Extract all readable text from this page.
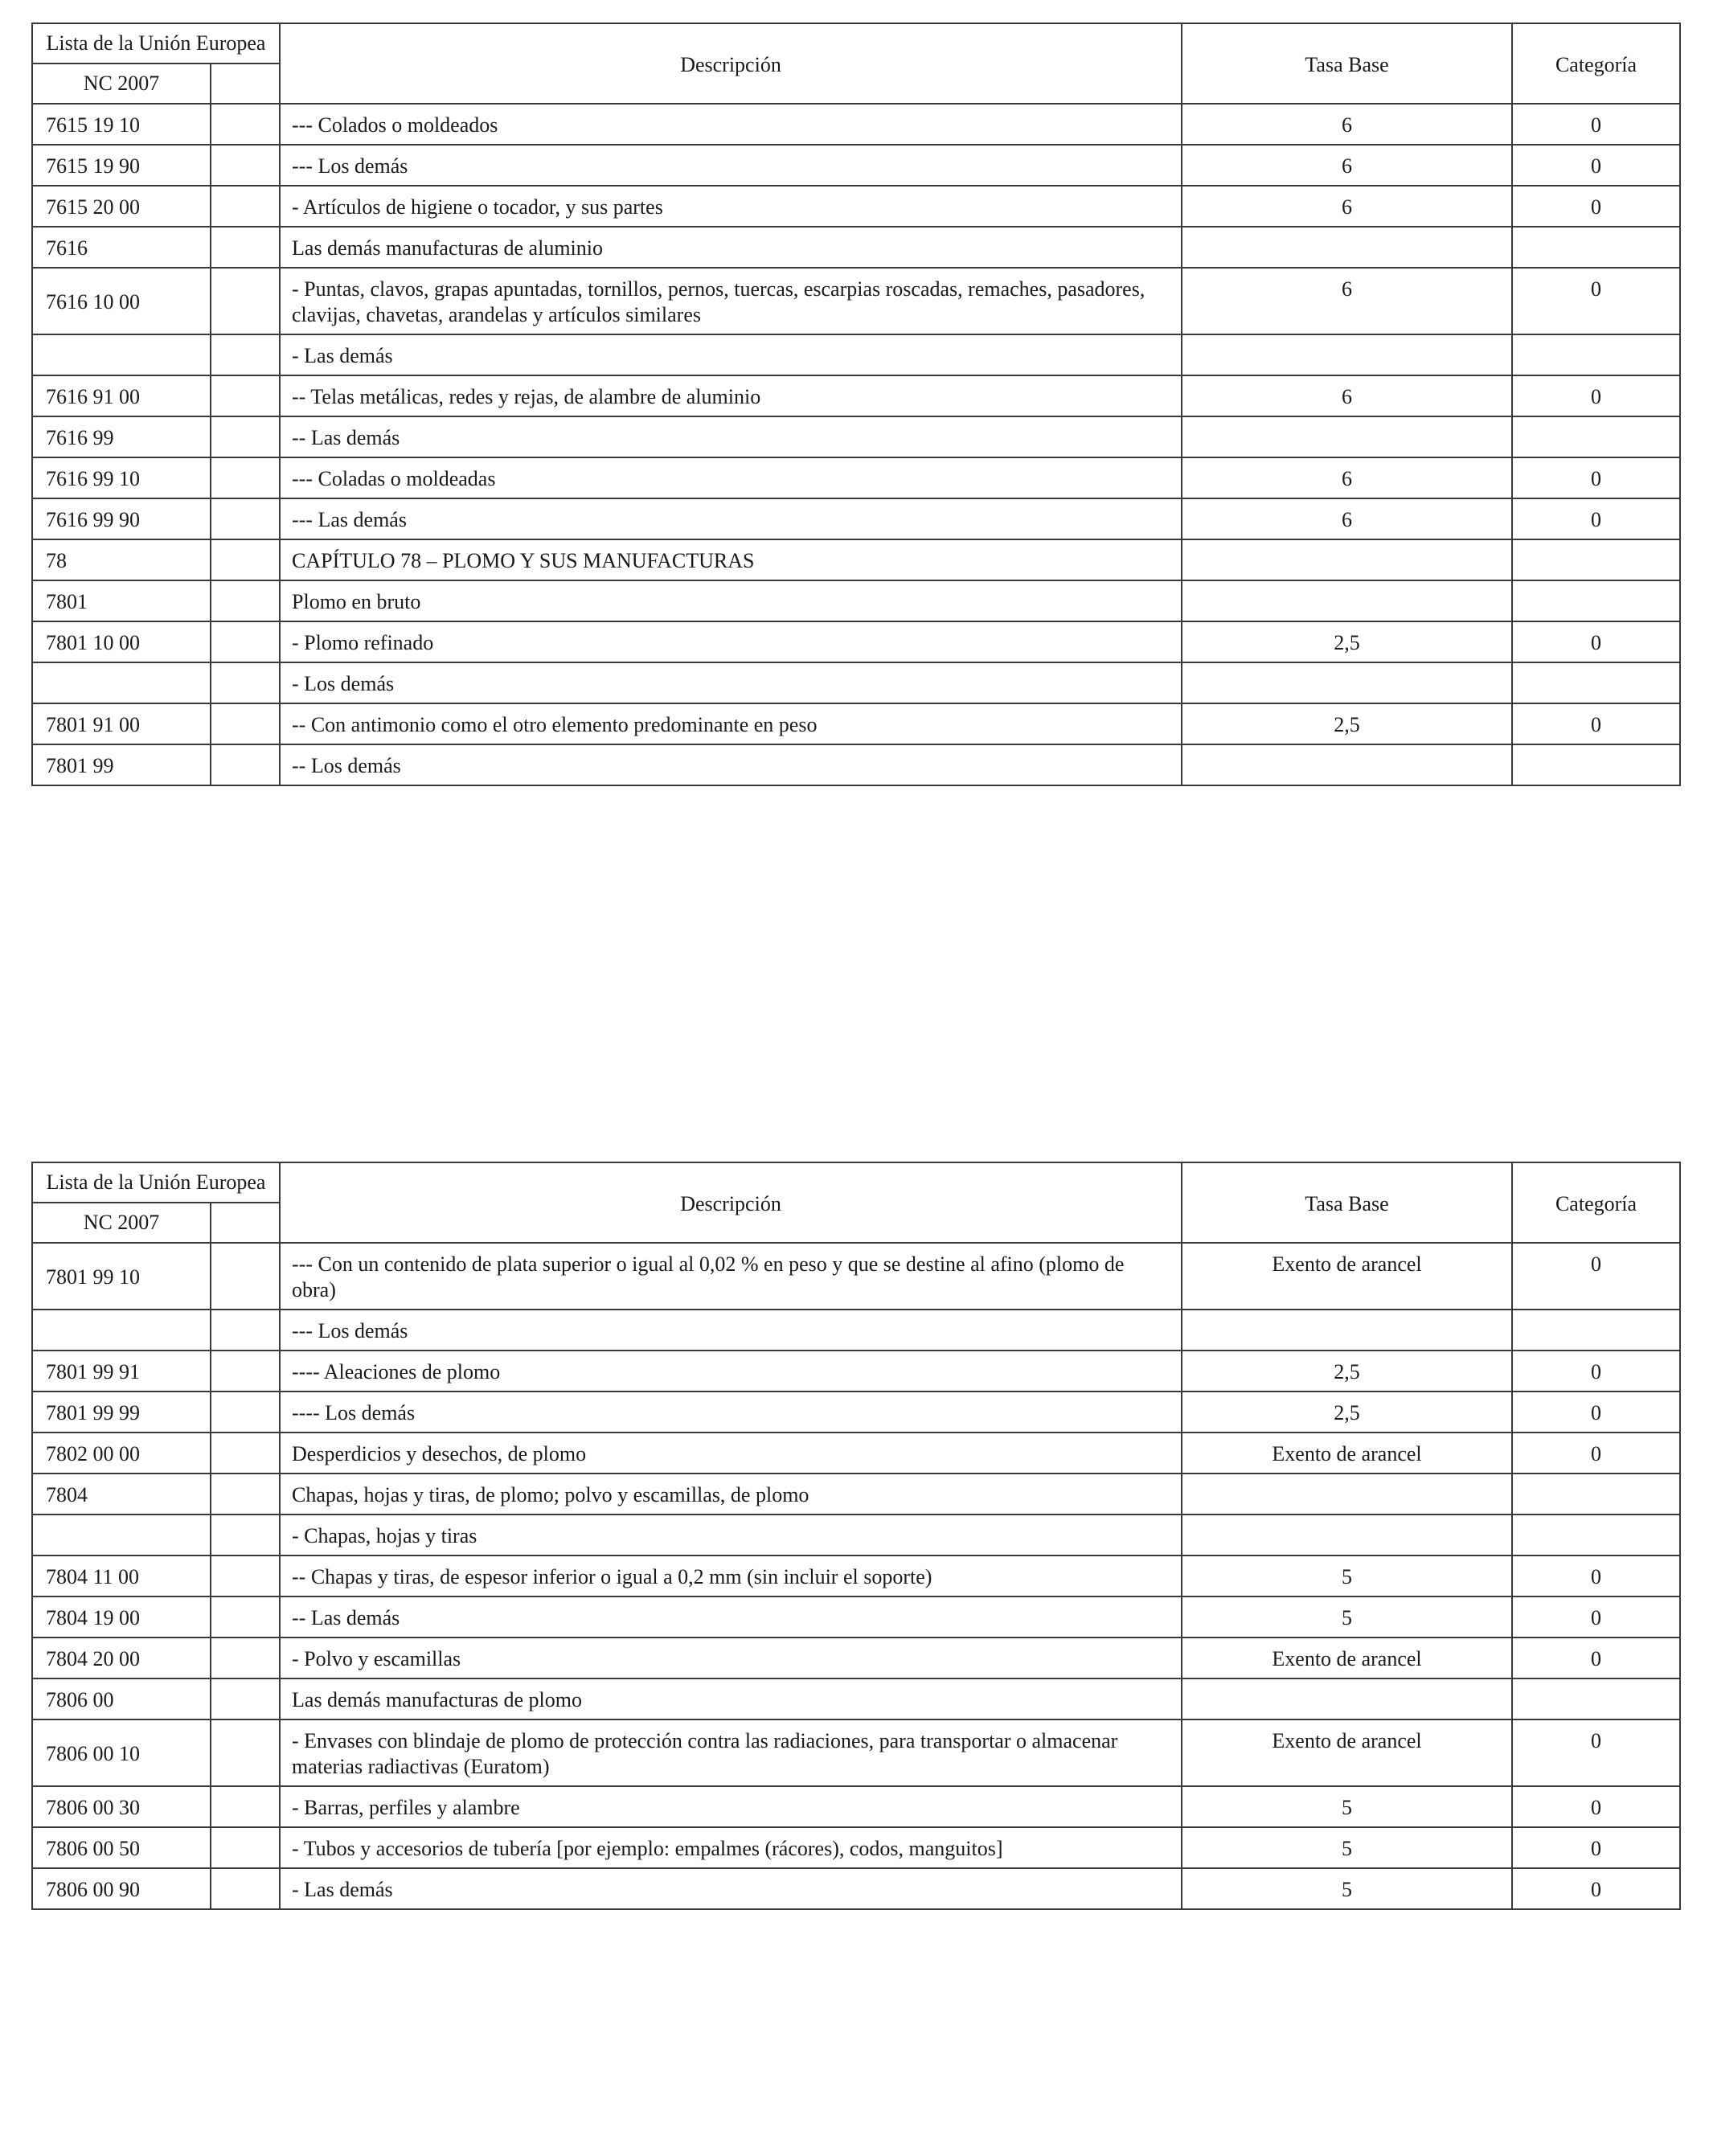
Lista de la Unión Europea		Descripción	Tasa Base	Categoría
NC 2007				
7615 19 10		--- Colados o moldeados	6	0
7615 19 90		--- Los demás	6	0
7615 20 00		- Artículos de higiene o tocador, y sus partes	6	0
7616		Las demás manufacturas de aluminio		
7616 10 00		- Puntas, clavos, grapas apuntadas, tornillos, pernos, tuercas, escarpias roscadas, remaches, pasadores, clavijas, chavetas, arandelas y artículos similares	6	0
		- Las demás		
7616 91 00		-- Telas metálicas, redes y rejas, de alambre de aluminio	6	0
7616 99		-- Las demás		
7616 99 10		--- Coladas o moldeadas	6	0
7616 99 90		--- Las demás	6	0
78		CAPÍTULO 78 – PLOMO Y SUS MANUFACTURAS		
7801		Plomo en bruto		
7801 10 00		- Plomo refinado	2,5	0
		- Los demás		
7801 91 00		-- Con antimonio como el otro elemento predominante en peso	2,5	0
7801 99		-- Los demás		
Lista de la Unión Europea		Descripción	Tasa Base	Categoría
NC 2007				
7801 99 10		--- Con un contenido de plata superior o igual al 0,02 % en peso y que se destine al afino (plomo de obra)	Exento de arancel	0
		--- Los demás		
7801 99 91		---- Aleaciones de plomo	2,5	0
7801 99 99		---- Los demás	2,5	0
7802 00 00		Desperdicios y desechos, de plomo	Exento de arancel	0
7804		Chapas, hojas y tiras, de plomo; polvo y escamillas, de plomo		
		- Chapas, hojas y tiras		
7804 11 00		-- Chapas y tiras, de espesor inferior o igual a 0,2 mm (sin incluir el soporte)	5	0
7804 19 00		-- Las demás	5	0
7804 20 00		- Polvo y escamillas	Exento de arancel	0
7806 00		Las demás manufacturas de plomo		
7806 00 10		- Envases con blindaje de plomo de protección contra las radiaciones, para transportar o almacenar materias radiactivas (Euratom)	Exento de arancel	0
7806 00 30		- Barras, perfiles y alambre	5	0
7806 00 50		- Tubos y accesorios de tubería [por ejemplo: empalmes (rácores), codos, manguitos]	5	0
7806 00 90		- Las demás	5	0
